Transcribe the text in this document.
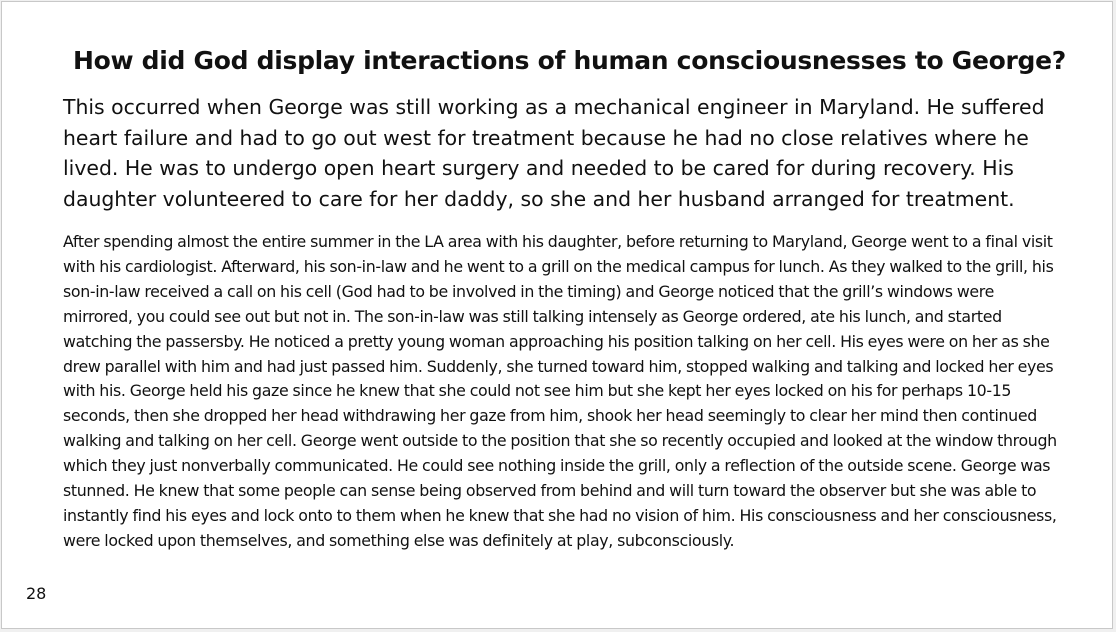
How did God display interactions of human consciousnesses to George?

This occurred when George was still working as a mechanical engineer in Maryland. He suffered heart failure and had to go out west for treatment because he had no close relatives where he lived. He was to undergo open heart surgery and needed to be cared for during recovery. His daughter volunteered to care for her daddy, so she and her husband arranged for treatment.

After spending almost the entire summer in the LA area with his daughter, before returning to Maryland, George went to a final visit with his cardiologist. Afterward, his son-in-law and he went to a grill on the medical campus for lunch. As they walked to the grill, his son-in-law received a call on his cell (God had to be involved in the timing) and George noticed that the grill’s windows were mirrored, you could see out but not in. The son-in-law was still talking intensely as George ordered, ate his lunch, and started watching the passersby. He noticed a pretty young woman approaching his position talking on her cell. His eyes were on her as she drew parallel with him and had just passed him. Suddenly, she turned toward him, stopped walking and talking and locked her eyes with his. George held his gaze since he knew that she could not see him but she kept her eyes locked on his for perhaps 10-15 seconds, then she dropped her head withdrawing her gaze from him, shook her head seemingly to clear her mind then continued walking and talking on her cell. George went outside to the position that she so recently occupied and looked at the window through which they just nonverbally communicated. He could see nothing inside the grill, only a reflection of the outside scene. George was stunned. He knew that some people can sense being observed from behind and will turn toward the observer but she was able to instantly find his eyes and lock onto to them when he knew that she had no vision of him. His consciousness and her consciousness, were locked upon themselves, and something else was definitely at play, subconsciously.

28
